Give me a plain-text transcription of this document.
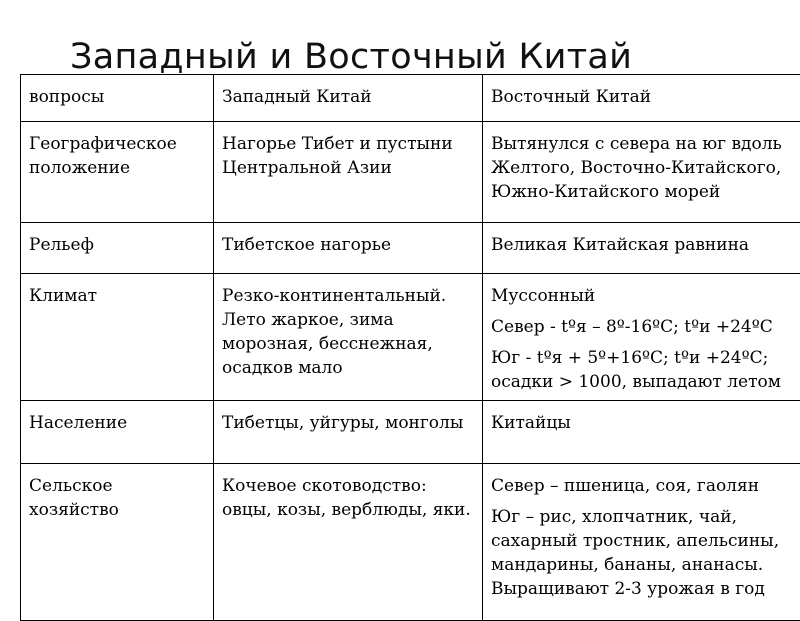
Западный и Восточный Китай
вопросы	Западный Китай	Восточный Китай
Географическое положение	Нагорье Тибет и пустыни Центральной Азии	Вытянулся с севера на юг вдоль Желтого, Восточно-Китайского, Южно-Китайского морей

Рельеф	Тибетское нагорье	Великая Китайская равнина

Климат	Резко-континентальный. Лето жаркое, зима морозная, бесснежная, осадков мало	Муссонный
Север - tºя – 8º-16ºС; tºи +24ºС
Юг - tºя + 5º+16ºС; tºи +24ºС; осадки > 1000, выпадают летом

Население	Тибетцы, уйгуры, монголы	Китайцы

Сельское хозяйство	Кочевое скотоводство: овцы, козы, верблюды, яки.	Север – пшеница, соя, гаолян
Юг – рис, хлопчатник, чай, сахарный тростник, апельсины, мандарины, бананы, ананасы. Выращивают 2-3 урожая в год
